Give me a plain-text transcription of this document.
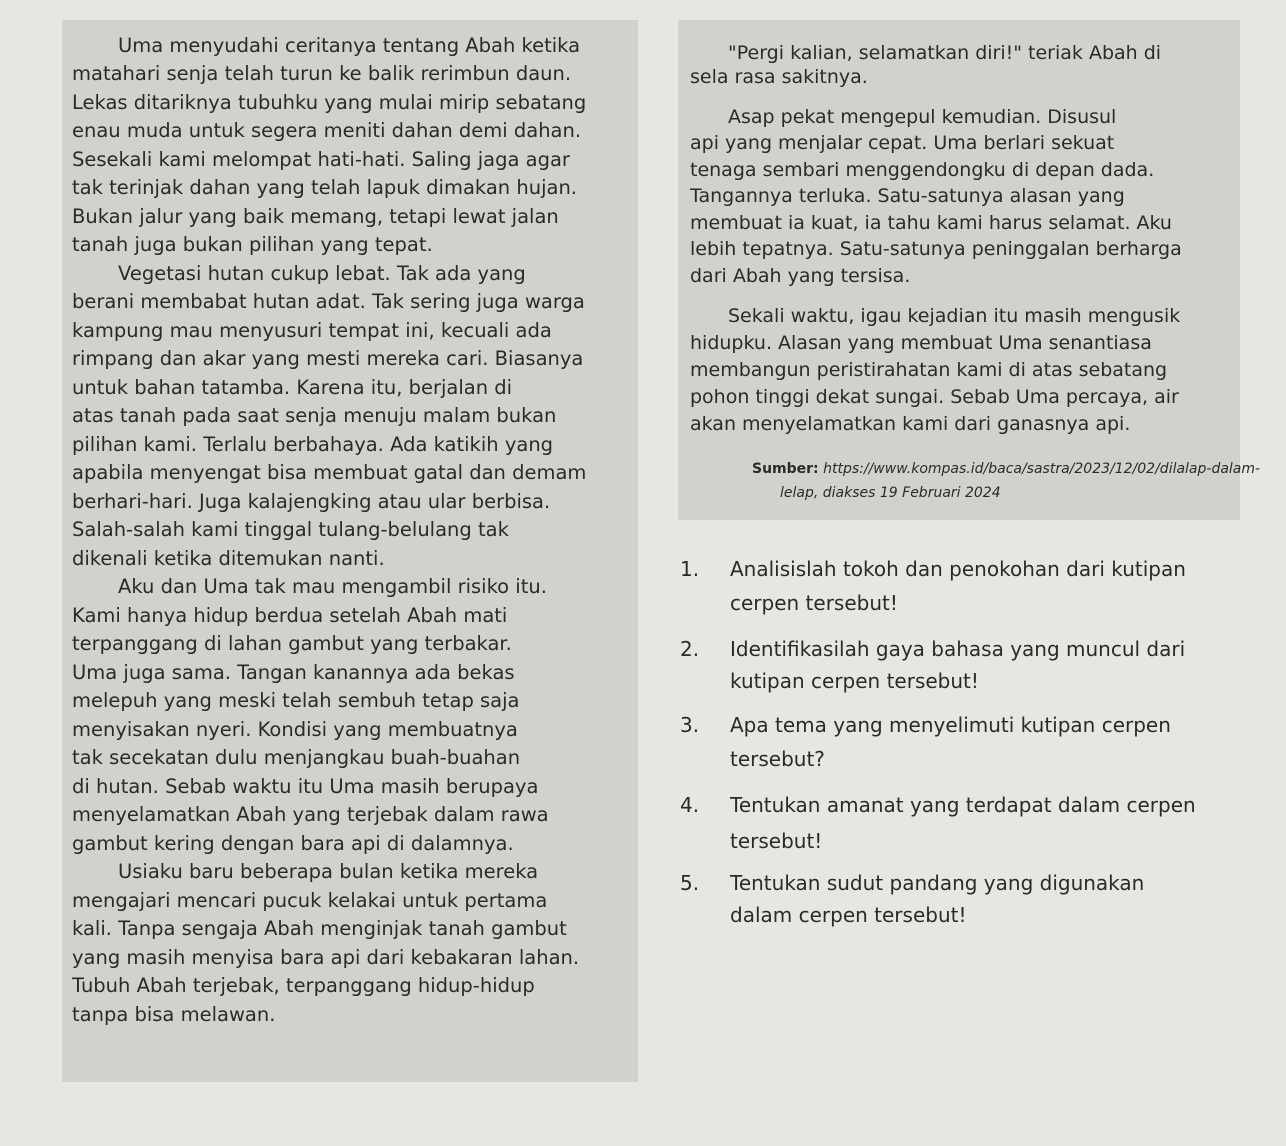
Uma menyudahi ceritanya tentang Abah ketika
matahari senja telah turun ke balik rerimbun daun.
Lekas ditariknya tubuhku yang mulai mirip sebatang
enau muda untuk segera meniti dahan demi dahan.
Sesekali kami melompat hati-hati. Saling jaga agar
tak terinjak dahan yang telah lapuk dimakan hujan.
Bukan jalur yang baik memang, tetapi lewat jalan
tanah juga bukan pilihan yang tepat.
Vegetasi hutan cukup lebat. Tak ada yang
berani membabat hutan adat. Tak sering juga warga
kampung mau menyusuri tempat ini, kecuali ada
rimpang dan akar yang mesti mereka cari. Biasanya
untuk bahan tatamba. Karena itu, berjalan di
atas tanah pada saat senja menuju malam bukan
pilihan kami. Terlalu berbahaya. Ada katikih yang
apabila menyengat bisa membuat gatal dan demam
berhari-hari. Juga kalajengking atau ular berbisa.
Salah-salah kami tinggal tulang-belulang tak
dikenali ketika ditemukan nanti.
Aku dan Uma tak mau mengambil risiko itu.
Kami hanya hidup berdua setelah Abah mati
terpanggang di lahan gambut yang terbakar.
Uma juga sama. Tangan kanannya ada bekas
melepuh yang meski telah sembuh tetap saja
menyisakan nyeri. Kondisi yang membuatnya
tak secekatan dulu menjangkau buah-buahan
di hutan. Sebab waktu itu Uma masih berupaya
menyelamatkan Abah yang terjebak dalam rawa
gambut kering dengan bara api di dalamnya.
Usiaku baru beberapa bulan ketika mereka
mengajari mencari pucuk kelakai untuk pertama
kali. Tanpa sengaja Abah menginjak tanah gambut
yang masih menyisa bara api dari kebakaran lahan.
Tubuh Abah terjebak, terpanggang hidup-hidup
tanpa bisa melawan.
"Pergi kalian, selamatkan diri!" teriak Abah di
sela rasa sakitnya.
Asap pekat mengepul kemudian. Disusul
api yang menjalar cepat. Uma berlari sekuat
tenaga sembari menggendongku di depan dada.
Tangannya terluka. Satu-satunya alasan yang
membuat ia kuat, ia tahu kami harus selamat. Aku
lebih tepatnya. Satu-satunya peninggalan berharga
dari Abah yang tersisa.
Sekali waktu, igau kejadian itu masih mengusik
hidupku. Alasan yang membuat Uma senantiasa
membangun peristirahatan kami di atas sebatang
pohon tinggi dekat sungai. Sebab Uma percaya, air
akan menyelamatkan kami dari ganasnya api.
Sumber: https://www.kompas.id/baca/sastra/2023/12/02/dilalap-dalam-
lelap, diakses 19 Februari 2024
1. Analisislah tokoh dan penokohan dari kutipan
cerpen tersebut!
2. Identifikasilah gaya bahasa yang muncul dari
kutipan cerpen tersebut!
3. Apa tema yang menyelimuti kutipan cerpen
tersebut?
4. Tentukan amanat yang terdapat dalam cerpen
tersebut!
5. Tentukan sudut pandang yang digunakan
dalam cerpen tersebut!
